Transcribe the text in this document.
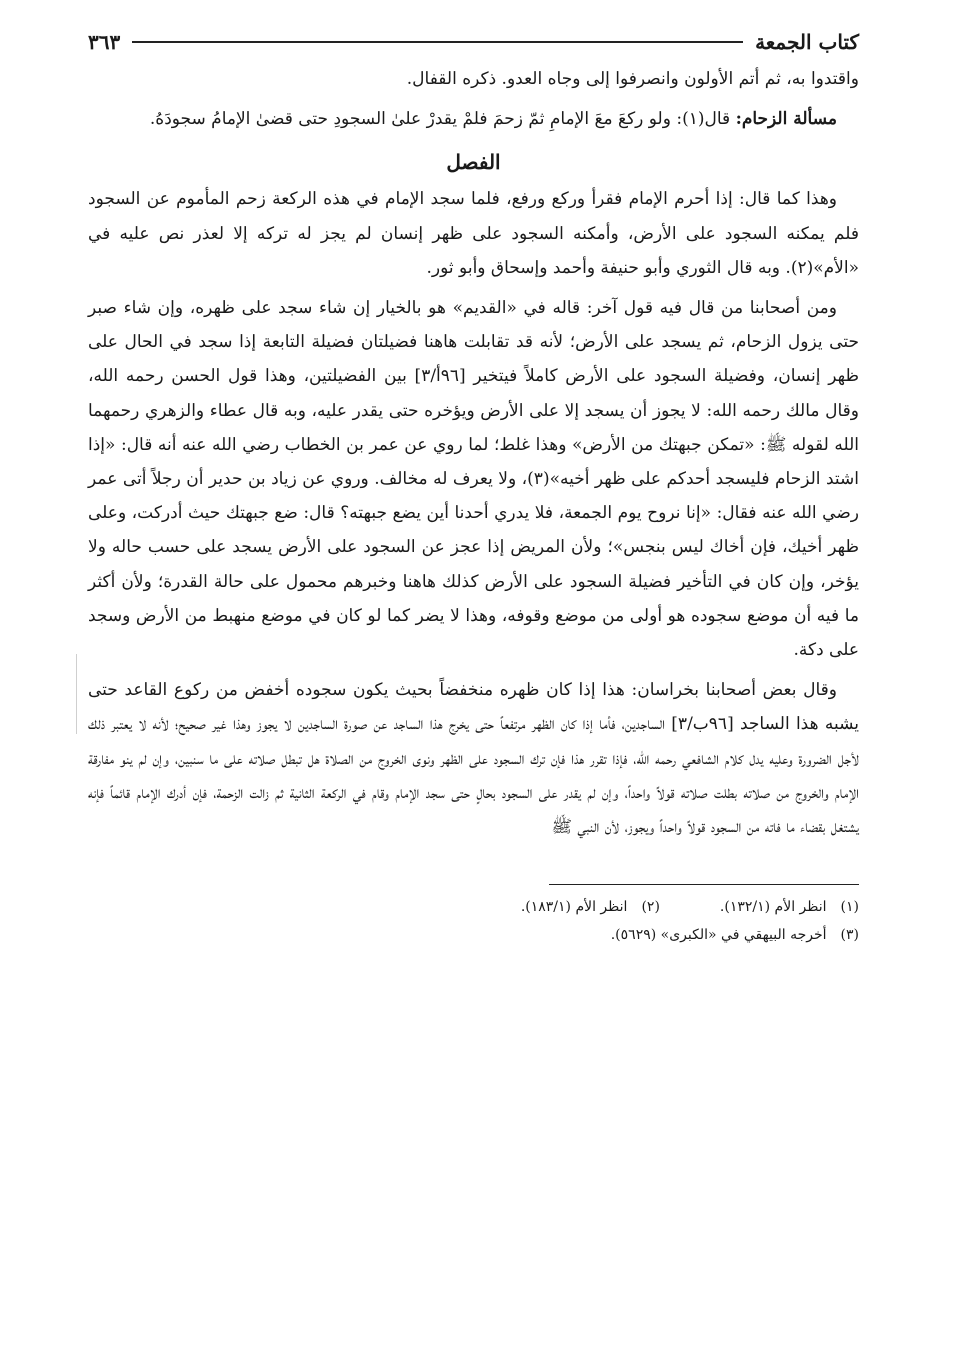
كتاب الجمعة
٣٦٣

واقتدوا به، ثم أتم الأولون وانصرفوا إلى وجاه العدو. ذكره القفال.

مسألة الزحام: قال(١): ولو ركعَ معَ الإمامِ ثمّ زحمَ فلمْ يقدرْ علىٰ السجودِ حتى قضىٰ الإمامُ سجودَهُ.

الفصل

وهذا كما قال: إذا أحرم الإمام فقرأ وركع ورفع، فلما سجد الإمام في هذه الركعة زحم المأموم عن السجود فلم يمكنه السجود على الأرض، وأمكنه السجود على ظهر إنسان لم يجز له تركه إلا لعذر نص عليه في «الأم»(٢). وبه قال الثوري وأبو حنيفة وأحمد وإسحاق وأبو ثور.

ومن أصحابنا من قال فيه قول آخر: قاله في «القديم» هو بالخيار إن شاء سجد على ظهره، وإن شاء صبر حتى يزول الزحام، ثم يسجد على الأرض؛ لأنه قد تقابلت هاهنا فضيلتان فضيلة التابعة إذا سجد في الحال على ظهر إنسان، وفضيلة السجود على الأرض كاملاً فيتخير [٩٦أ/٣] بين الفضيلتين، وهذا قول الحسن رحمه الله، وقال مالك رحمه الله: لا يجوز أن يسجد إلا على الأرض ويؤخره حتى يقدر عليه، وبه قال عطاء والزهري رحمهما الله لقوله ﷺ: «تمكن جبهتك من الأرض» وهذا غلط؛ لما روي عن عمر بن الخطاب رضي الله عنه أنه قال: «إذا اشتد الزحام فليسجد أحدكم على ظهر أخيه»(٣)، ولا يعرف له مخالف. وروي عن زياد بن حدير أن رجلاً أتى عمر رضي الله عنه فقال: «إنا نروح يوم الجمعة، فلا يدري أحدنا أين يضع جبهته؟ قال: ضع جبهتك حيث أدركت، وعلى ظهر أخيك، فإن أخاك ليس بنجس»؛ ولأن المريض إذا عجز عن السجود على الأرض يسجد على حسب حاله ولا يؤخر، وإن كان في التأخير فضيلة السجود على الأرض كذلك هاهنا وخبرهم محمول على حالة القدرة؛ ولأن أكثر ما فيه أن موضع سجوده هو أولى من موضع وقوفه، وهذا لا يضر كما لو كان في موضع منهبط من الأرض وسجد على دكة.

وقال بعض أصحابنا بخراسان: هذا إذا كان ظهره منخفضاً بحيث يكون سجوده أخفض من ركوع القاعد حتى يشبه هذا الساجد [٩٦ب/٣] الساجدين، فأما إذا كان الظهر مرتفعاً حتى يخرج هذا الساجد عن صورة الساجدين لا يجوز وهذا غير صحيح؛ لأنه لا يعتبر ذلك لأجل الضرورة وعليه يدل كلام الشافعي رحمه الله، فإذا تقرر هذا فإن ترك السجود على الظهر ونوى الخروج من الصلاة هل تبطل صلاته على ما سنبين، وإن لم ينو مفارقة الإمام والخروج من صلاته بطلت صلاته قولاً واحداً، وإن لم يقدر على السجود بحالٍ حتى سجد الإمام وقام في الركعة الثانية ثم زالت الزحمة، فإن أدرك الإمام قائماً فإنه يشتغل بقضاء ما فاته من السجود قولاً واحداً ويجوز، لأن النبي ﷺ

(١)
انظر الأم (١٣٢/١).
(٢)
انظر الأم (١٨٣/١).
(٣)
أخرجه البيهقي في «الكبرى» (٥٦٢٩).
